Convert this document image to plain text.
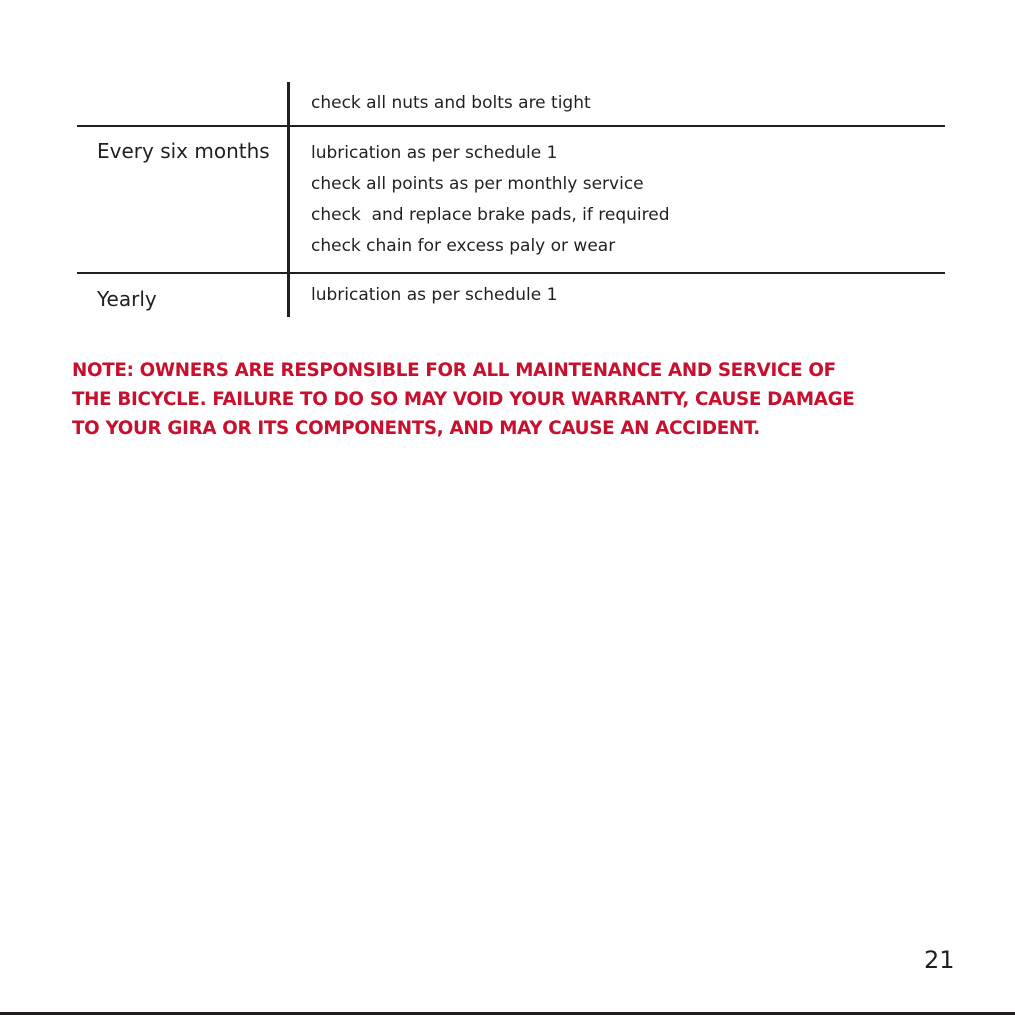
check all nuts and bolts are tight
Every six months lubrication as per schedule 1
check all points as per monthly service
check  and replace brake pads, if required
check chain for excess paly or wear
Yearly	lubrication as per schedule 1

NOTE: OWNERS ARE RESPONSIBLE FOR ALL MAINTENANCE AND SERVICE OF
THE BICYCLE. FAILURE TO DO SO MAY VOID YOUR WARRANTY, CAUSE DAMAGE
TO YOUR GIRA OR ITS COMPONENTS, AND MAY CAUSE AN ACCIDENT.

21
